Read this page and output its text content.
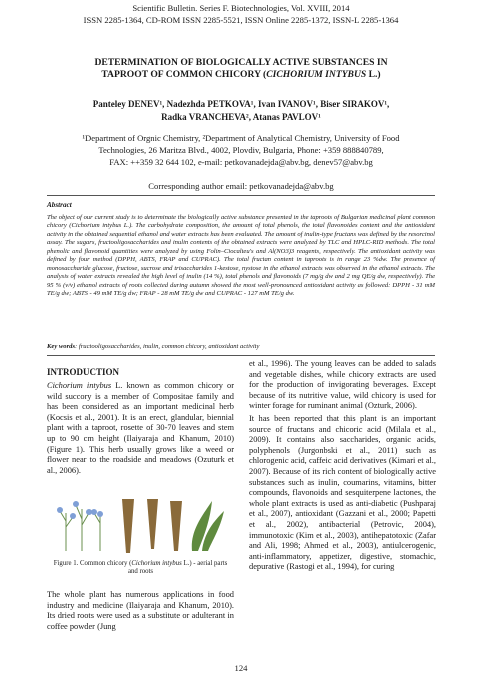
Scientific Bulletin. Series F. Biotechnologies, Vol. XVIII, 2014
ISSN 2285-1364, CD-ROM ISSN 2285-5521, ISSN Online 2285-1372, ISSN-L 2285-1364
DETERMINATION OF BIOLOGICALLY ACTIVE SUBSTANCES IN
TAPROOT OF COMMON CHICORY (CICHORIUM INTYBUS L.)
Panteley DENEV¹, Nadezhda PETKOVA¹, Ivan IVANOV¹, Biser SIRAKOV¹,
Radka VRANCHEVA², Atanas PAVLOV¹
¹Department of Orgnic Chemistry, ²Department of Analytical Chemistry, University of Food
Technologies, 26 Maritza Blvd., 4002, Plovdiv, Bulgaria, Phone: +359 888840789,
FAX: ++359 32 644 102, e-mail: petkovanadejda@abv.bg, denev57@abv.bg
Corresponding author email: petkovanadejda@abv.bg
Abstract
The object of our current study is to determinate the biologically active substance presented in the taproots of Bulgarian medicinal plant common chicory (Cichorium intybus L.). The carbohydrate composition, the amount of total phenols, the total flavonoides content and the antioxidant activity in the obtained sequential ethanol and water extracts has been evaluated. The amount of inulin-type fructans was defined by the resorcinol assay. The sugars, fructooligosaccharides and inulin contents of the obtained extracts were analyzed by TLC and HPLC-RID methods. The total phenolic and flavonoid quantities were analyzed by using Folin–Ciocalteu's and Al(NO3)3 reagents, respectively. The antioxidant activity was defined by four method (DPPH, ABTS, FRAP and CUPRAC). The total fructan content in taproots is in range 23 %dw. The presence of monosaccharide glucose, fructose, sucrose and trisaccharides 1-kestose, nystose in the ethanol extracts was observed in the ethanol extracts. The analysis of water extracts revealed the high level of inulin (14 %), total phenols and flavonoids (7 mg/g dw and 2 mg QE/g dw, respectively). The 95 % (v/v) ethanol extracts of roots collected during autumn showed the most well-pronounced antioxidant activity as followed: DPPH - 31 mM TE/g dw; ABTS - 49 mM TE/g dw; FRAP - 28 mM TE/g dw and CUPRAC - 127 mM TE/g dw.
Key words: fructooligosaccharides, inulin, common chicory, antioxidant activity
INTRODUCTION

Cichorium intybus L. known as common chicory or wild succory is a member of Compositae family and has been considered as an important medicinal herb (Kocsis et al., 2001). It is an erect, glandular, biennial plant with a taproot, rosette of 30-70 leaves and stem up to 90 cm height (Ilaiyaraja and Khanum, 2010) (Figure 1). This herb usually grows like a weed or flower near to the roadside and meadows (Ozuturk et al., 2006).

Figure 1. Common chicory (Cichorium intybus L.) - aerial parts and roots
The whole plant has numerous applications in food industry and medicine (Ilaiyaraja and Khanum, 2010). Its dried roots were used as a substitute or adulterant in coffee powder (Jung

et al., 1996). The young leaves can be added to salads and vegetable dishes, while chicory extracts are used for the production of invigorating beverages. Except because of its nutritive value, wild chicory is used for winter forage for ruminant animal (Ozturk, 2006).

It has been reported that this plant is an important source of fructans and chicoric acid (Milala et al., 2009). It contains also saccharides, organic acids, polyphenols (Jurgonbski et al., 2011) such as chlorogenic acid, caffeic acid derivatives (Kimari et al., 2007). Because of its rich content of biologically active substances such as inulin, coumarins, vitamins, bitter compounds, flavonoids and sesquiterpene lactones, the whole plant extracts is used as anti-diabetic (Pushparaj et al., 2007), antioxidant (Gazzani et al., 2000; Papetti et al., 2002), antibacterial (Petrovic, 2004), immunotoxic (Kim et al., 2003), antihepatotoxic (Zafar and Ali, 1998; Ahmed et al., 2003), antiulcerogenic, anti-inflammatory, appetizer, digestive, stomachic, depurative (Rastogi et al., 1994), for curing

124
